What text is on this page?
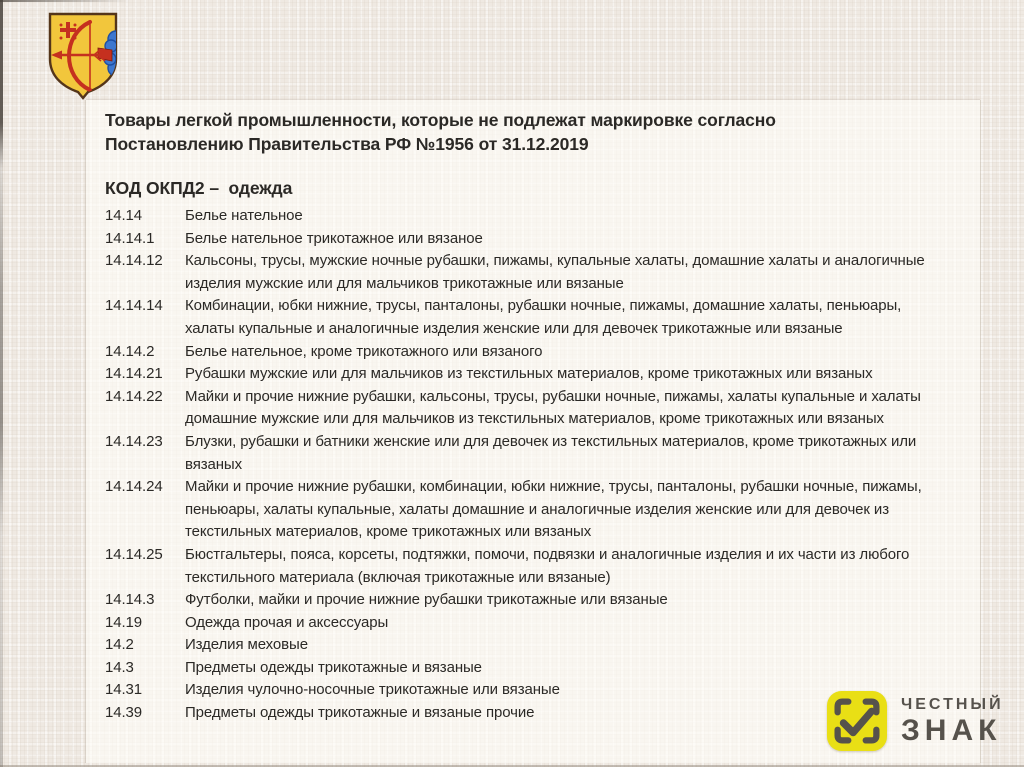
Товары легкой промышленности, которые не подлежат маркировке согласно Постановлению Правительства РФ №1956 от 31.12.2019
КОД ОКПД2 –  одежда
14.14	Белье нательное
14.14.1	Белье нательное трикотажное или вязаное
14.14.12	Кальсоны, трусы, мужские ночные рубашки, пижамы, купальные халаты, домашние халаты и аналогичные изделия мужские или для мальчиков трикотажные или вязаные
14.14.14	Комбинации, юбки нижние, трусы, панталоны, рубашки ночные, пижамы, домашние халаты, пеньюары, халаты купальные и аналогичные изделия женские или для девочек трикотажные или вязаные
14.14.2	Белье нательное, кроме трикотажного или вязаного
14.14.21	Рубашки мужские или для мальчиков из текстильных материалов, кроме трикотажных или вязаных
14.14.22	Майки и прочие нижние рубашки, кальсоны, трусы, рубашки ночные, пижамы, халаты купальные и халаты домашние мужские или для мальчиков из текстильных материалов, кроме трикотажных или вязаных
14.14.23	Блузки, рубашки и батники женские или для девочек из текстильных материалов, кроме трикотажных или вязаных
14.14.24	Майки и прочие нижние рубашки, комбинации, юбки нижние, трусы, панталоны, рубашки ночные, пижамы, пеньюары, халаты купальные, халаты домашние и аналогичные изделия женские или для девочек из текстильных материалов, кроме трикотажных или вязаных
14.14.25	Бюстгальтеры, пояса, корсеты, подтяжки, помочи, подвязки и аналогичные изделия и их части из любого текстильного материала (включая трикотажные или вязаные)
14.14.3	Футболки, майки и прочие нижние рубашки трикотажные или вязаные
14.19	Одежда прочая и аксессуары
14.2	Изделия меховые
14.3	Предметы одежды трикотажные и вязаные
14.31	Изделия чулочно-носочные трикотажные или вязаные
14.39	Предметы одежды трикотажные и вязаные прочие
ЧЕСТНЫЙ
ЗНАК
